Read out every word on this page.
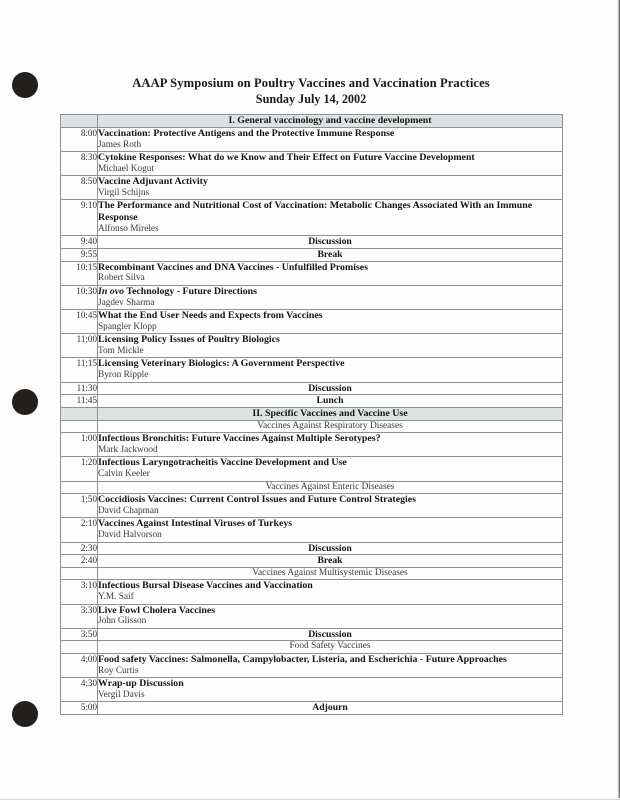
AAAP Symposium on Poultry Vaccines and Vaccination Practices
Sunday July 14, 2002
	I. General vaccinology and vaccine development
8:00	Vaccination: Protective Antigens and the Protective Immune Response
James Roth

8:30	Cytokine Responses: What do we Know and Their Effect on Future Vaccine Development
Michael Kogut

8:50	Vaccine Adjuvant Activity
Virgil Schijns

9:10	The Performance and Nutritional Cost of Vaccination: Metabolic Changes Associated With an Immune Response
Alfonso Mireles

9:40	Discussion
9:55	Break
10:15	Recombinant Vaccines and DNA Vaccines - Unfulfilled Promises
Robert Silva

10:30	In ovo Technology - Future Directions
Jagdev Sharma

10:45	What the End User Needs and Expects from Vaccines
Spangler Klopp

11:00	Licensing Policy Issues of Poultry Biologics
Tom Mickle

11:15	Licensing Veterinary Biologics: A Government Perspective
Byron Ripple

11:30	Discussion
11:45	Lunch
	II. Specific Vaccines and Vaccine Use
	Vaccines Against Respiratory Diseases
1:00	Infectious Bronchitis: Future Vaccines Against Multiple Serotypes?
Mark Jackwood

1:20	Infectious Laryngotracheitis Vaccine Development and Use
Calvin Keeler

	Vaccines Against Enteric Diseases
1:50	Coccidiosis Vaccines: Current Control Issues and Future Control Strategies
David Chapman

2:10	Vaccines Against Intestinal Viruses of Turkeys
David Halvorson

2:30	Discussion
2:40	Break
	Vaccines Against Multisystemic Diseases
3:10	Infectious Bursal Disease Vaccines and Vaccination
Y.M. Saif

3:30	Live Fowl Cholera Vaccines
John Glisson

3:50	Discussion
	Food Safety Vaccines
4:00	Food safety Vaccines: Salmonella, Campylobacter, Listeria, and Escherichia - Future Approaches
Roy Curtis

4:30	Wrap-up Discussion
Vergil Davis

5:00	Adjourn
